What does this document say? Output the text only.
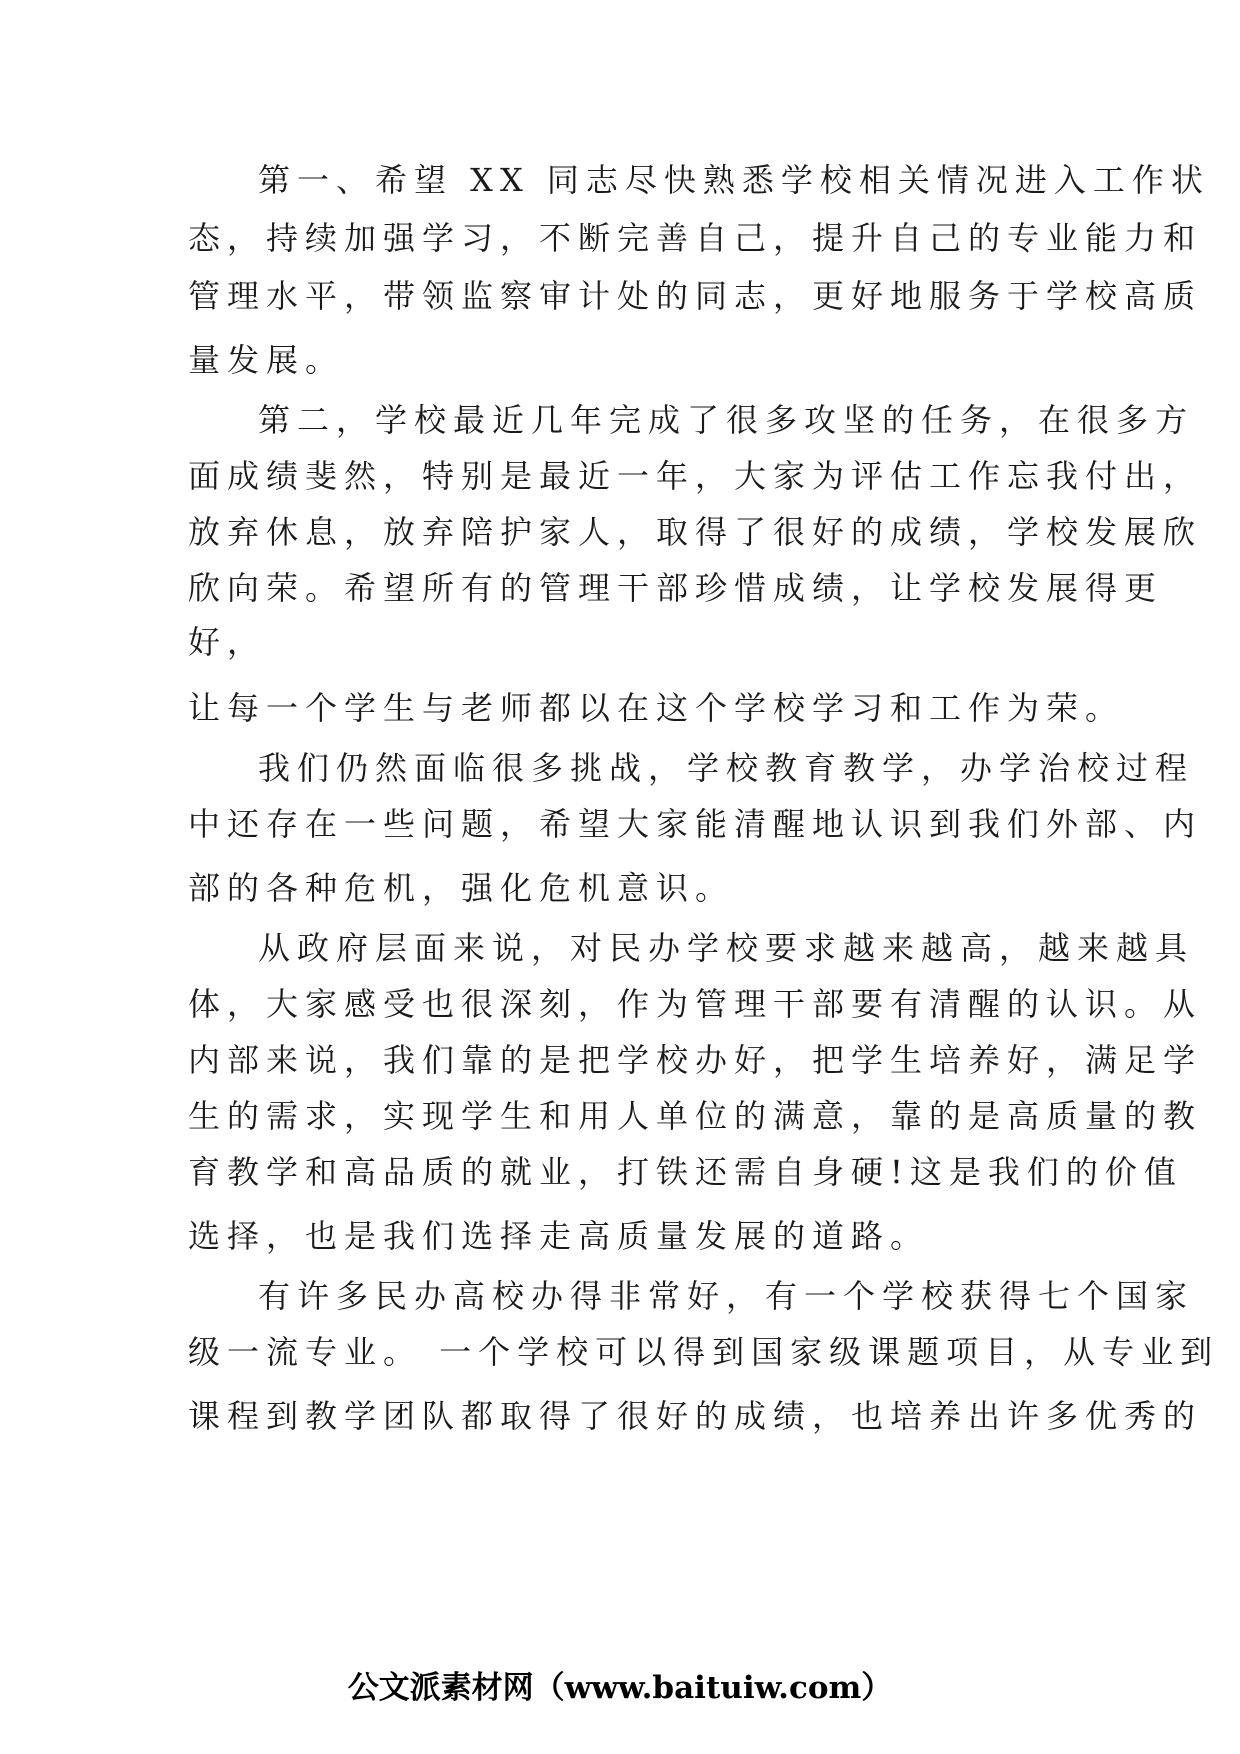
第一、希望 XX 同志尽快熟悉学校相关情况进入工作状
态，持续加强学习，不断完善自己，提升自己的专业能力和
管理水平，带领监察审计处的同志，更好地服务于学校高质
量发展。
第二，学校最近几年完成了很多攻坚的任务，在很多方
面成绩斐然，特别是最近一年，大家为评估工作忘我付出，
放弃休息，放弃陪护家人，取得了很好的成绩，学校发展欣
欣向荣。希望所有的管理干部珍惜成绩，让学校发展得更
好，
让每一个学生与老师都以在这个学校学习和工作为荣。
我们仍然面临很多挑战，学校教育教学，办学治校过程
中还存在一些问题，希望大家能清醒地认识到我们外部、内
部的各种危机，强化危机意识。
从政府层面来说，对民办学校要求越来越高，越来越具
体，大家感受也很深刻，作为管理干部要有清醒的认识。从
内部来说，我们靠的是把学校办好，把学生培养好，满足学
生的需求，实现学生和用人单位的满意，靠的是高质量的教
育教学和高品质的就业，打铁还需自身硬!这是我们的价值
选择，也是我们选择走高质量发展的道路。
有许多民办高校办得非常好，有一个学校获得七个国家
级一流专业。 一个学校可以得到国家级课题项目，从专业到
课程到教学团队都取得了很好的成绩，也培养出许多优秀的
公文派素材网（www.baituiw.com）
